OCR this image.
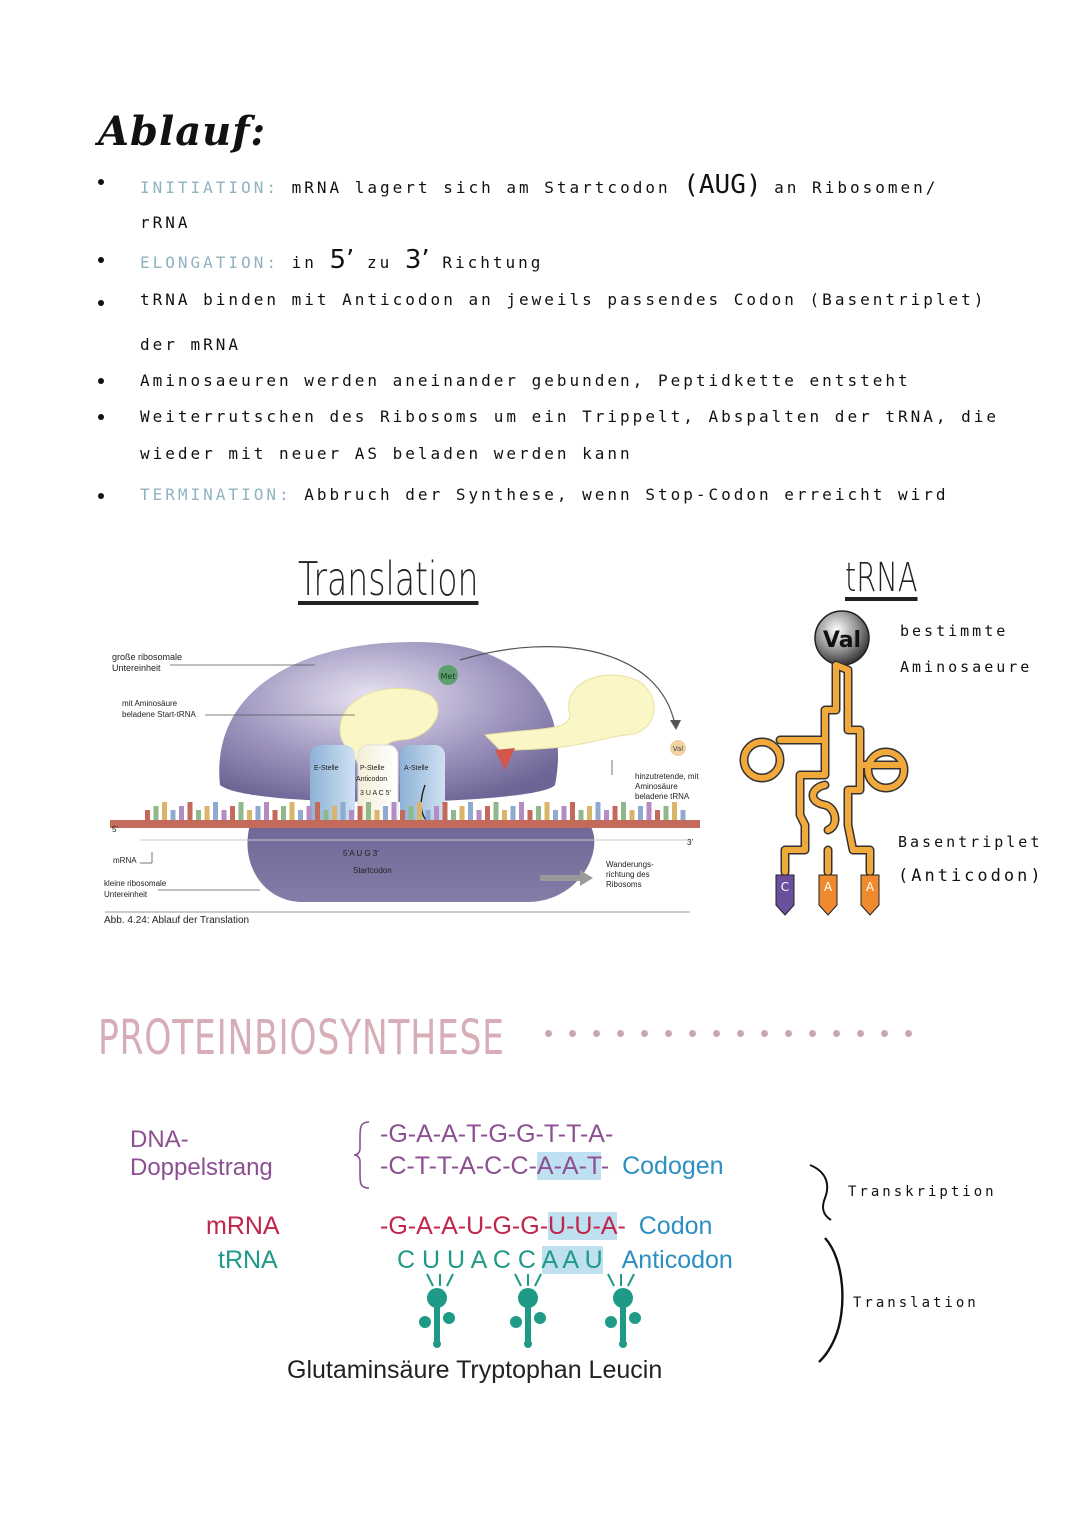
Ablauf:
INITIATION: mRNA lagert sich am Startcodon (AUG) an Ribosomen/
rRNA
ELONGATION: in 5’ zu 3’ Richtung
tRNA binden mit Anticodon an jeweils passendes Codon (Basentriplet)
der mRNA
Aminosaeuren werden aneinander gebunden, Peptidkette entsteht
Weiterrutschen des Ribosoms um ein Trippelt, Abspalten der tRNA, die
wieder mit neuer AS beladen werden kann
TERMINATION: Abbruch der Synthese, wenn Stop-Codon erreicht wird
Translation
Met
Val
große ribosomale Untereinheit
mit Aminosäure beladene Start-tRNA
mRNA
5’
3’
kleine ribosomale Untereinheit
E-Stelle	P-Stelle
Anticodon
A-Stelle
3 U A C 5’
5’A U G 3’
Startcodon
hinzutretende, mit Aminosäure beladene tRNA
Wanderungs- richtung des Ribosoms
Abb. 4.24: Ablauf der Translation
tRNA
Val
C	A	A
bestimmte
Aminosaeure
Basentriplet
(Anticodon)
PROTEINBIOSYNTHESE
DNA-
Doppelstrang
-G-A-A-T-G-G-T-T-A-
-C-T-T-A-C-C-A-A-T- Codogen
mRNA
tRNA
-G-A-A-U-G-G-U-U-A- Codon
C U U A C C A A U Anticodon
Glutaminsäure Tryptophan Leucin
Transkription
Translation
